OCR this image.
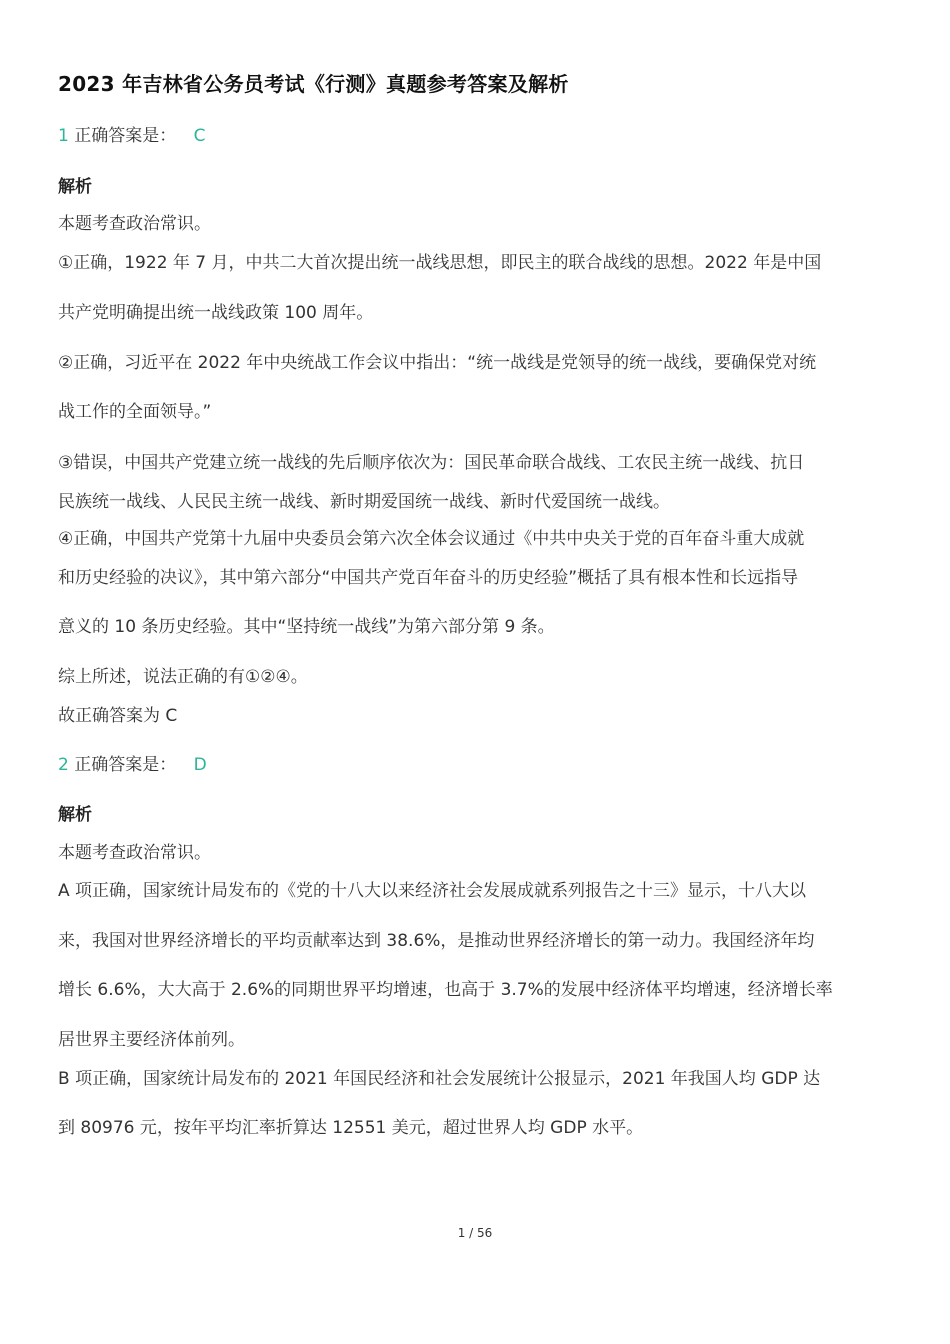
2023 年吉林省公务员考试《行测》真题参考答案及解析
1 正确答案是： C
解析
本题考查政治常识。
①正确，1922 年 7 月，中共二大首次提出统一战线思想，即民主的联合战线的思想。2022 年是中国
共产党明确提出统一战线政策 100 周年。
②正确，习近平在 2022 年中央统战工作会议中指出：“统一战线是党领导的统一战线，要确保党对统
战工作的全面领导。”
③错误，中国共产党建立统一战线的先后顺序依次为：国民革命联合战线、工农民主统一战线、抗日
民族统一战线、人民民主统一战线、新时期爱国统一战线、新时代爱国统一战线。
④正确，中国共产党第十九届中央委员会第六次全体会议通过《中共中央关于党的百年奋斗重大成就
和历史经验的决议》，其中第六部分“中国共产党百年奋斗的历史经验”概括了具有根本性和长远指导
意义的 10 条历史经验。其中“坚持统一战线”为第六部分第 9 条。
综上所述，说法正确的有①②④。
故正确答案为 C
2 正确答案是： D
解析
本题考查政治常识。
A 项正确，国家统计局发布的《党的十八大以来经济社会发展成就系列报告之十三》显示，十八大以
来，我国对世界经济增长的平均贡献率达到 38.6%，是推动世界经济增长的第一动力。我国经济年均
增长 6.6%，大大高于 2.6%的同期世界平均增速，也高于 3.7%的发展中经济体平均增速，经济增长率
居世界主要经济体前列。
B 项正确，国家统计局发布的 2021 年国民经济和社会发展统计公报显示，2021 年我国人均 GDP 达
到 80976 元，按年平均汇率折算达 12551 美元，超过世界人均 GDP 水平。
1 / 56
